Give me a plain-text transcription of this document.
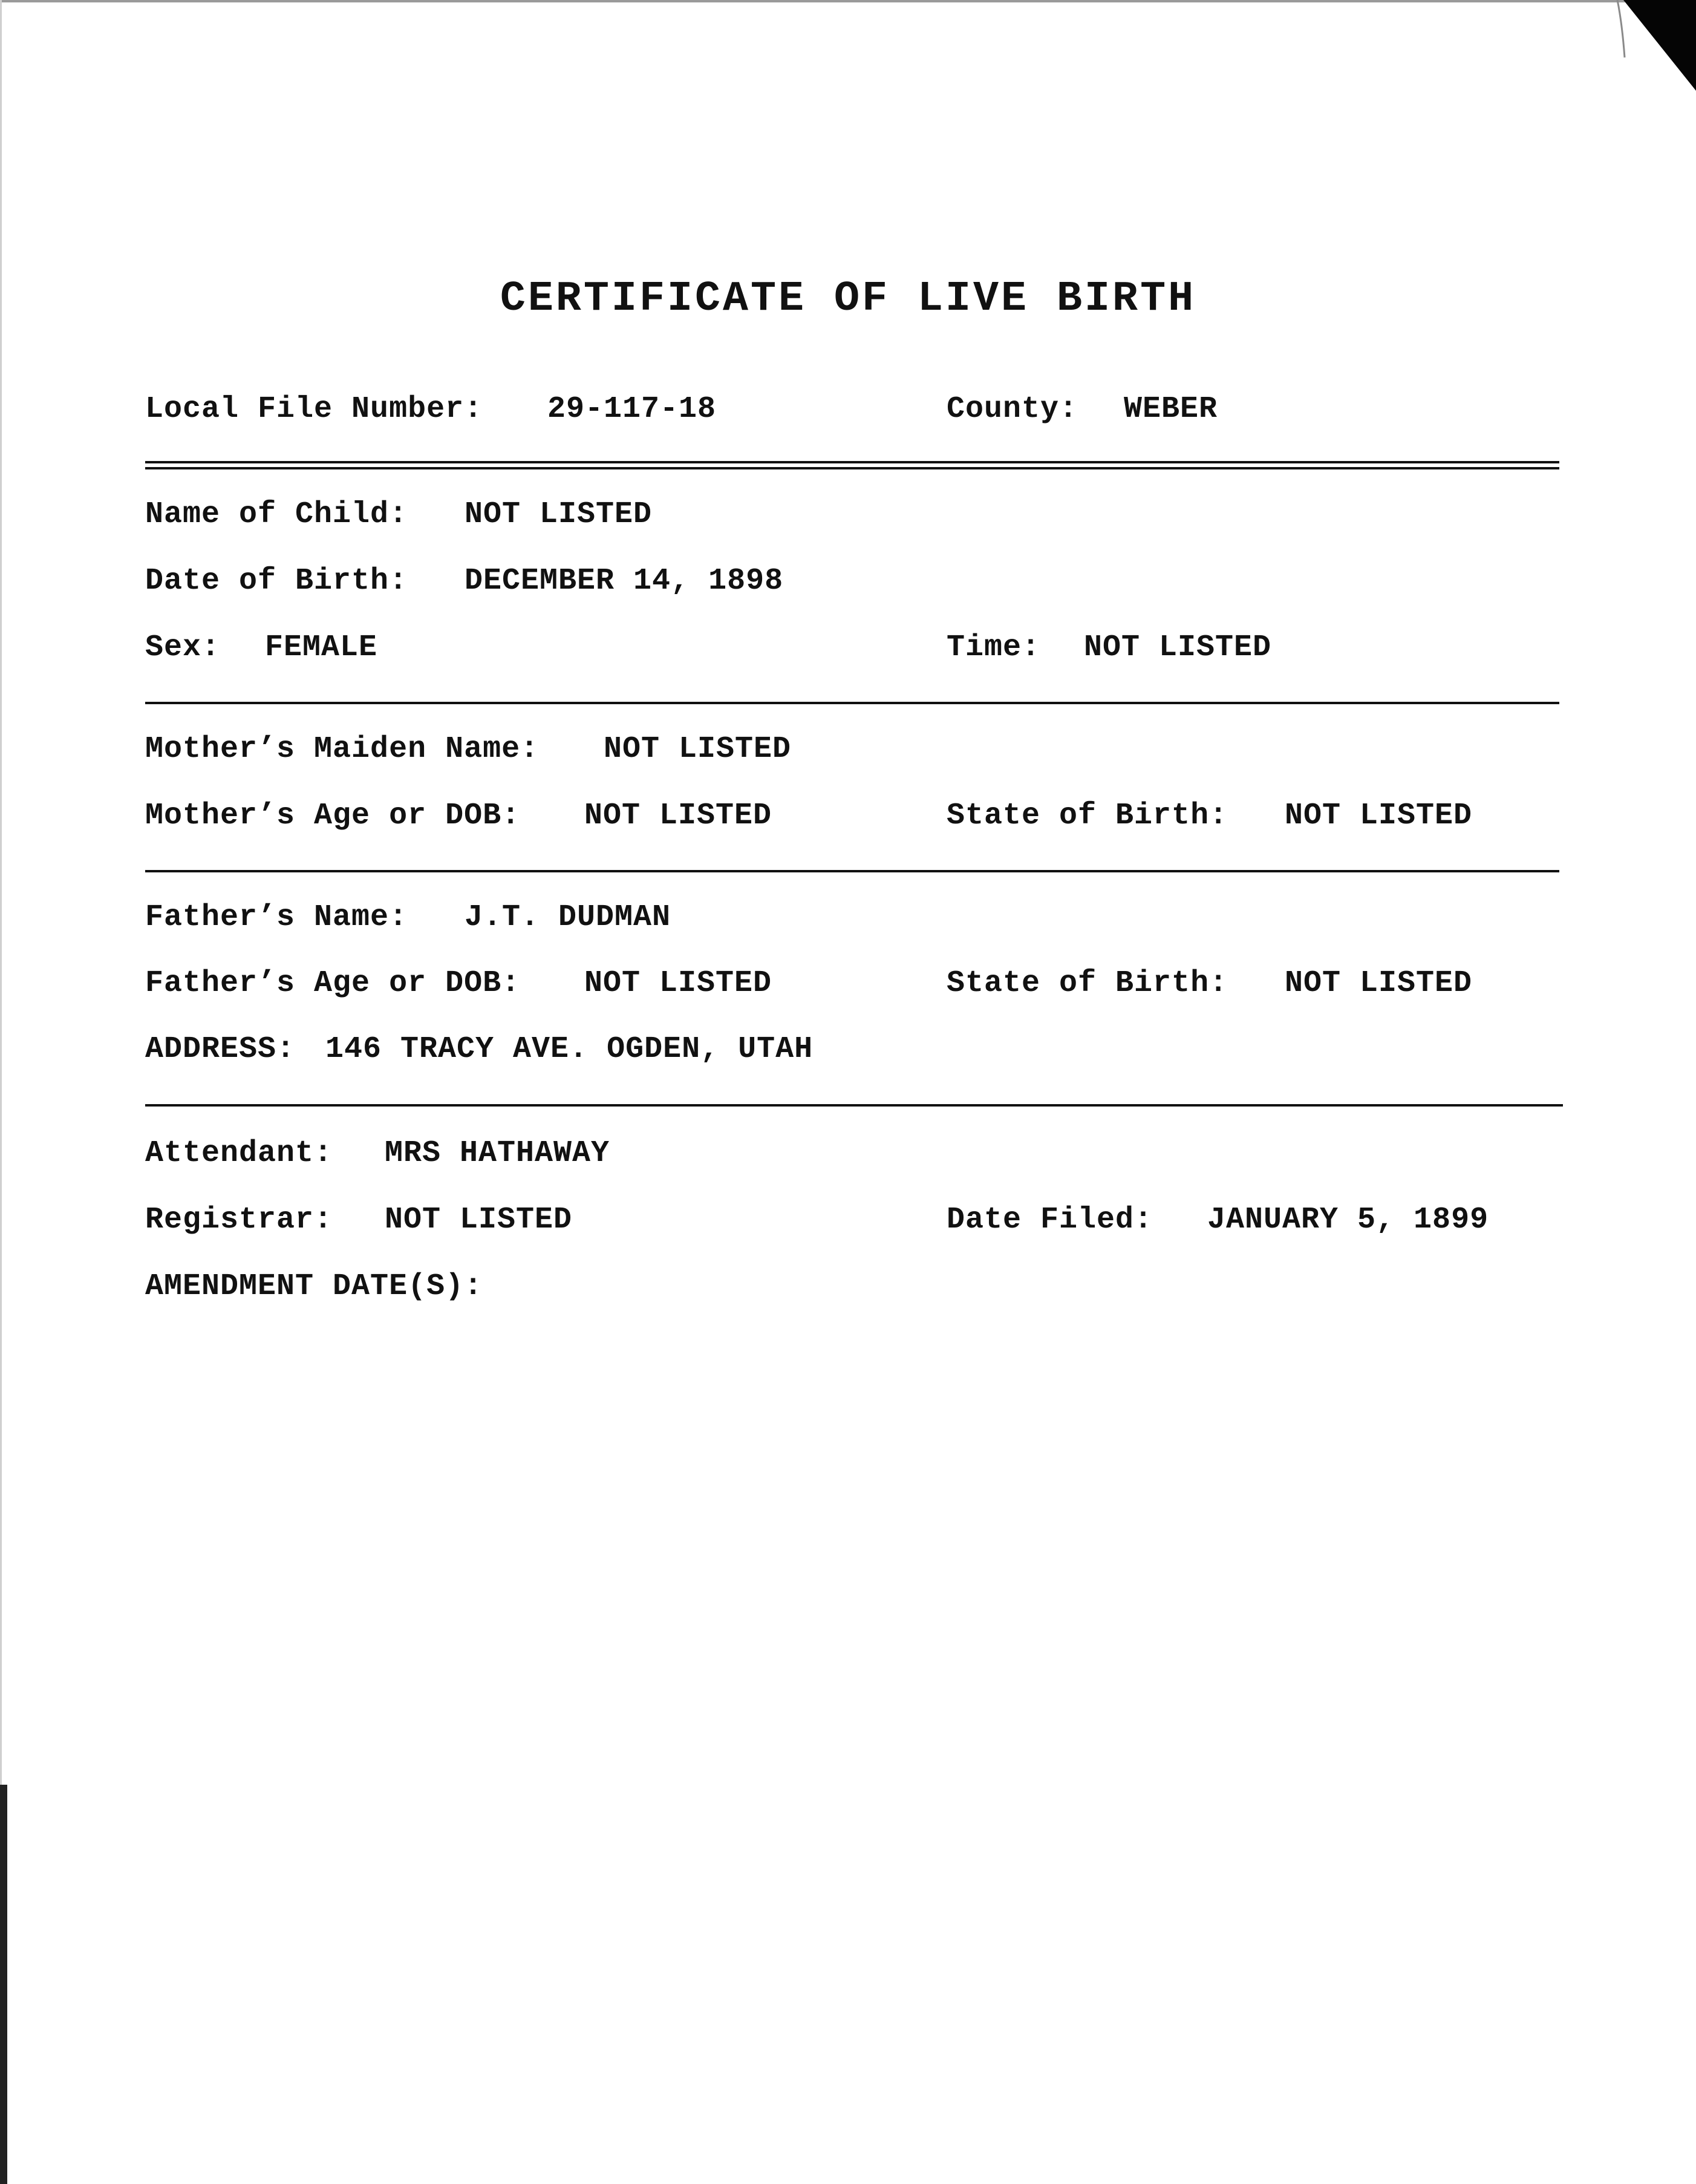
CERTIFICATE OF LIVE BIRTH
Local File Number: 29-117-18	County: WEBER
Name of Child: NOT LISTED
Date of Birth: DECEMBER 14, 1898
Sex: FEMALE	Time: NOT LISTED
Mother’s Maiden Name: NOT LISTED
Mother’s Age or DOB: NOT LISTED	State of Birth: NOT LISTED
Father’s Name: J.T. DUDMAN
Father’s Age or DOB: NOT LISTED	State of Birth: NOT LISTED
ADDRESS: 146 TRACY AVE. OGDEN, UTAH
Attendant: MRS HATHAWAY
Registrar: NOT LISTED	Date Filed: JANUARY 5, 1899
AMENDMENT DATE(S):
